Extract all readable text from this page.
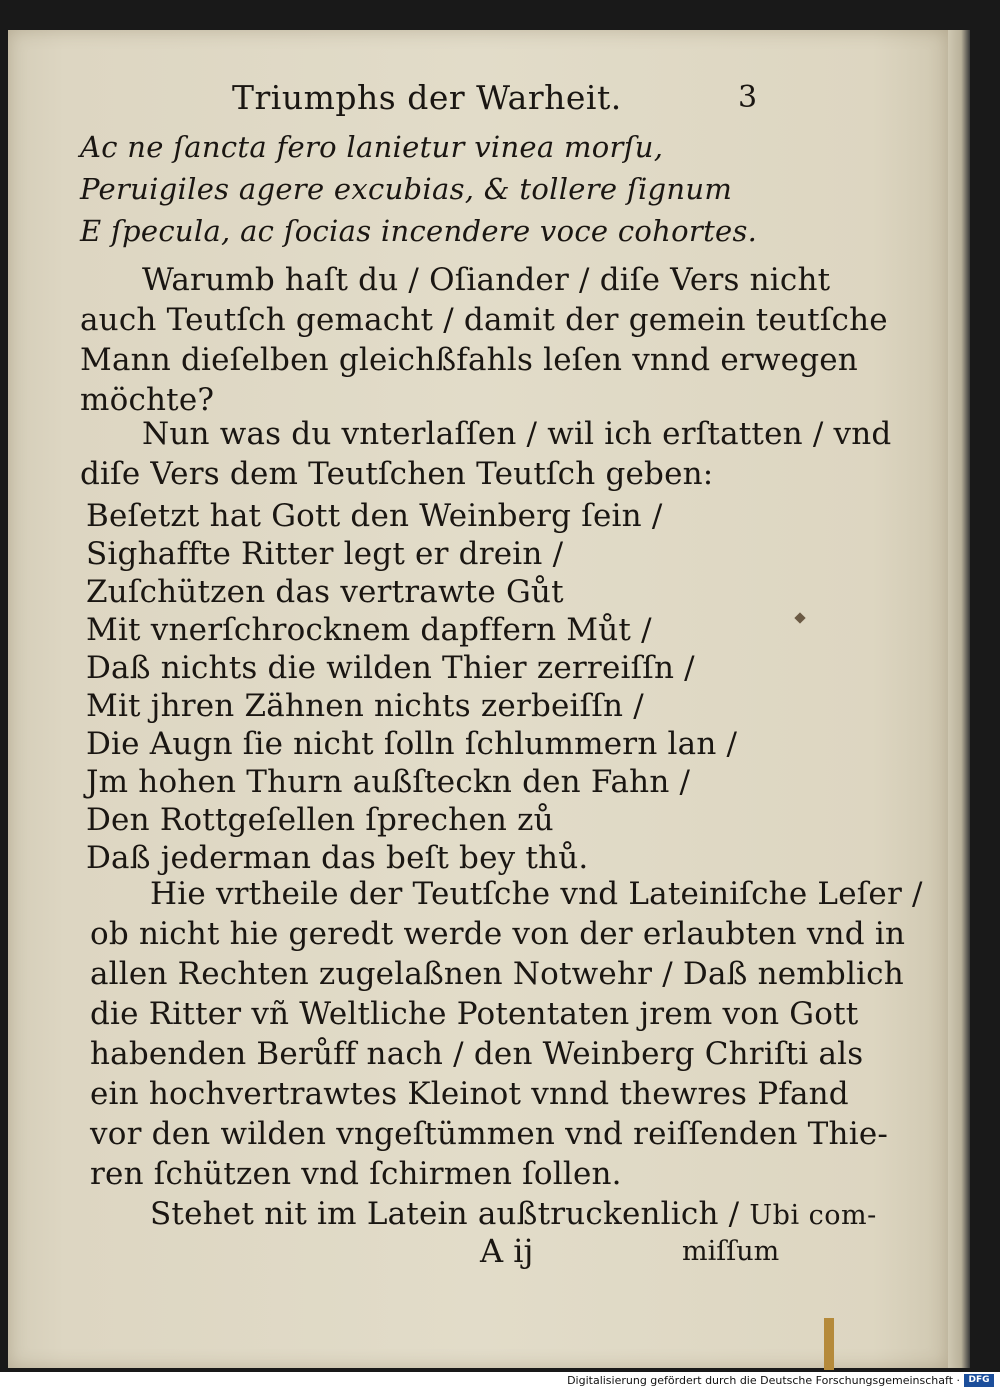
Triumphs der Warheit.	3
Ac ne ſancta fero lanietur vinea morſu,
Peruigiles agere excubias, & tollere ſignum
E ſpecula, ac ſocias incendere voce cohortes.
Warumb haſt du / Oſiander / diſe Vers nicht
auch Teutſch gemacht / damit der gemein teutſche
Mann dieſelben gleichßfahls leſen vnnd erwegen
möchte?
Nun was du vnterlaſſen / wil ich erſtatten / vnd
diſe Vers dem Teutſchen Teutſch geben:
Beſetzt hat Gott den Weinberg ſein /
Sighaffte Ritter legt er drein /
Zuſchützen das vertrawte Gůt
Mit vnerſchrocknem dapffern Můt /
Daß nichts die wilden Thier zerreiſſn /
Mit jhren Zähnen nichts zerbeiſſn /
Die Augn ſie nicht ſolln ſchlummern lan /
Jm hohen Thurn außſteckn den Fahn /
Den Rottgeſellen ſprechen zů
Daß jederman das beſt bey thů.
Hie vrtheile der Teutſche vnd Lateiniſche Leſer /
ob nicht hie geredt werde von der erlaubten vnd in
allen Rechten zugelaßnen Notwehr / Daß nemblich
die Ritter vñ Weltliche Potentaten jrem von Gott
habenden Berůff nach / den Weinberg Chriſti als
ein hochvertrawtes Kleinot vnnd thewres Pfand
vor den wilden vngeſtümmen vnd reiſſenden Thie-
ren ſchützen vnd ſchirmen ſollen.
Stehet nit im Latein außtruckenlich / Ubi com-
A ij	miſſum
Digitalisierung gefördert durch die Deutsche Forschungsgemeinschaft · DFG
